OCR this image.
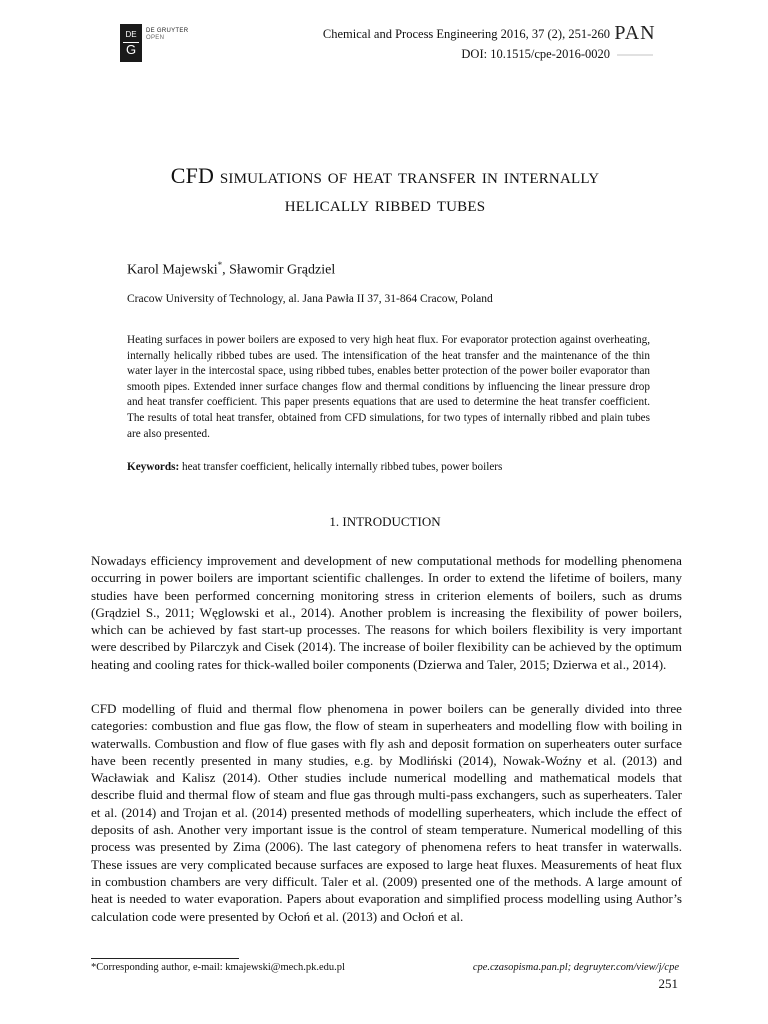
DE
G
DE GRUYTER
OPEN	Chemical and Process Engineering 2016, 37 (2), 251-260
DOI: 10.1515/cpe-2016-0020
PAN
CFD simulations of heat transfer in internally
helically ribbed tubes
Karol Majewski*, Sławomir Grądziel
Cracow University of Technology, al. Jana Pawła II 37, 31-864 Cracow, Poland
Heating surfaces in power boilers are exposed to very high heat flux. For evaporator protection against overheating, internally helically ribbed tubes are used. The intensification of the heat transfer and the maintenance of the thin water layer in the intercostal space, using ribbed tubes, enables better protection of the power boiler evaporator than smooth pipes. Extended inner surface changes flow and thermal conditions by influencing the linear pressure drop and heat transfer coefficient. This paper presents equations that are used to determine the heat transfer coefficient. The results of total heat transfer, obtained from CFD simulations, for two types of internally ribbed and plain tubes are also presented.
Keywords: heat transfer coefficient, helically internally ribbed tubes, power boilers
1. INTRODUCTION
Nowadays efficiency improvement and development of new computational methods for modelling phenomena occurring in power boilers are important scientific challenges. In order to extend the lifetime of boilers, many studies have been performed concerning monitoring stress in criterion elements of boilers, such as drums (Grądziel S., 2011; Węglowski et al., 2014). Another problem is increasing the flexibility of power boilers, which can be achieved by fast start-up processes. The reasons for which boilers flexibility is very important were described by Pilarczyk and Cisek (2014). The increase of boiler flexibility can be achieved by the optimum heating and cooling rates for thick-walled boiler components (Dzierwa and Taler, 2015; Dzierwa et al., 2014).
CFD modelling of fluid and thermal flow phenomena in power boilers can be generally divided into three categories: combustion and flue gas flow, the flow of steam in superheaters and modelling flow with boiling in waterwalls. Combustion and flow of flue gases with fly ash and deposit formation on superheaters outer surface have been recently presented in many studies, e.g. by Modliński (2014), Nowak-Woźny et al. (2013) and Wacławiak and Kalisz (2014). Other studies include numerical modelling and mathematical models that describe fluid and thermal flow of steam and flue gas through multi-pass exchangers, such as superheaters. Taler et al. (2014) and Trojan et al. (2014) presented methods of modelling superheaters, which include the effect of deposits of ash. Another very important issue is the control of steam temperature. Numerical modelling of this process was presented by Zima (2006). The last category of phenomena refers to heat transfer in waterwalls. These issues are very complicated because surfaces are exposed to large heat fluxes. Measurements of heat flux in combustion chambers are very difficult. Taler et al. (2009) presented one of the methods. A large amount of heat is needed to water evaporation. Papers about evaporation and simplified process modelling using Author’s calculation code were presented by Ocłoń et al. (2013) and Ocłoń et al.
*Corresponding author, e-mail: kmajewski@mech.pk.edu.pl	cpe.czasopisma.pan.pl; degruyter.com/view/j/cpe
251
